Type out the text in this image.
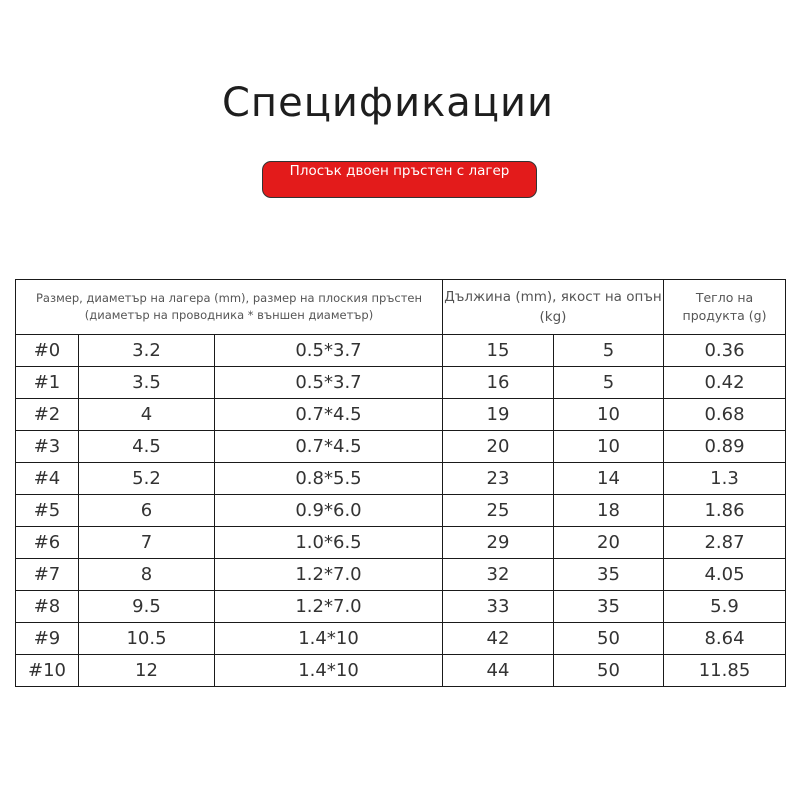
Спецификации
Плосък двоен пръстен с лагер
Размер, диаметър на лагера (mm), размер на плоския пръстен (диаметър на проводника * външен диаметър)			Дължина (mm), якост на опън (kg)		Тегло на продукта (g)
#0	3.2	0.5*3.7	15	5	0.36
#1	3.5	0.5*3.7	16	5	0.42
#2	4	0.7*4.5	19	10	0.68
#3	4.5	0.7*4.5	20	10	0.89
#4	5.2	0.8*5.5	23	14	1.3
#5	6	0.9*6.0	25	18	1.86
#6	7	1.0*6.5	29	20	2.87
#7	8	1.2*7.0	32	35	4.05
#8	9.5	1.2*7.0	33	35	5.9
#9	10.5	1.4*10	42	50	8.64
#10	12	1.4*10	44	50	11.85
